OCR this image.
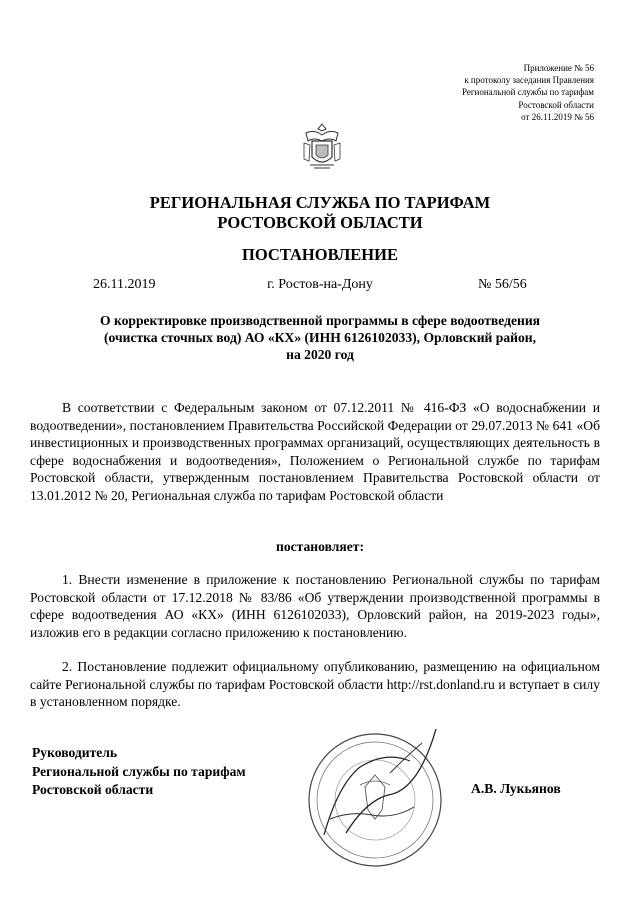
Приложение № 56
к протоколу заседания Правления
Региональной службы по тарифам
Ростовской области
от 26.11.2019 № 56
РЕГИОНАЛЬНАЯ СЛУЖБА ПО ТАРИФАМ
РОСТОВСКОЙ ОБЛАСТИ
ПОСТАНОВЛЕНИЕ
26.11.2019	г. Ростов-на-Дону	№ 56/56
О корректировке производственной программы в сфере водоотведения
(очистка сточных вод) АО «КХ» (ИНН 6126102033), Орловский район,
на 2020 год
В соответствии с Федеральным законом от 07.12.2011 № 416-ФЗ «О водоснабжении и водоотведении», постановлением Правительства Российской Федерации от 29.07.2013 № 641 «Об инвестиционных и производственных программах организаций, осуществляющих деятельность в сфере водоснабжения и водоотведения», Положением о Региональной службе по тарифам Ростовской области, утвержденным постановлением Правительства Ростовской области от 13.01.2012 № 20, Региональная служба по тарифам Ростовской области
постановляет:
1. Внести изменение в приложение к постановлению Региональной службы по тарифам Ростовской области от 17.12.2018 № 83/86 «Об утверждении производственной программы в сфере водоотведения АО «КХ» (ИНН 6126102033), Орловский район, на 2019-2023 годы», изложив его в редакции согласно приложению к постановлению.
2. Постановление подлежит официальному опубликованию, размещению на официальном сайте Региональной службы по тарифам Ростовской области http://rst.donland.ru и вступает в силу в установленном порядке.
Руководитель
Региональной службы по тарифам
Ростовской области	А.В. Лукьянов
